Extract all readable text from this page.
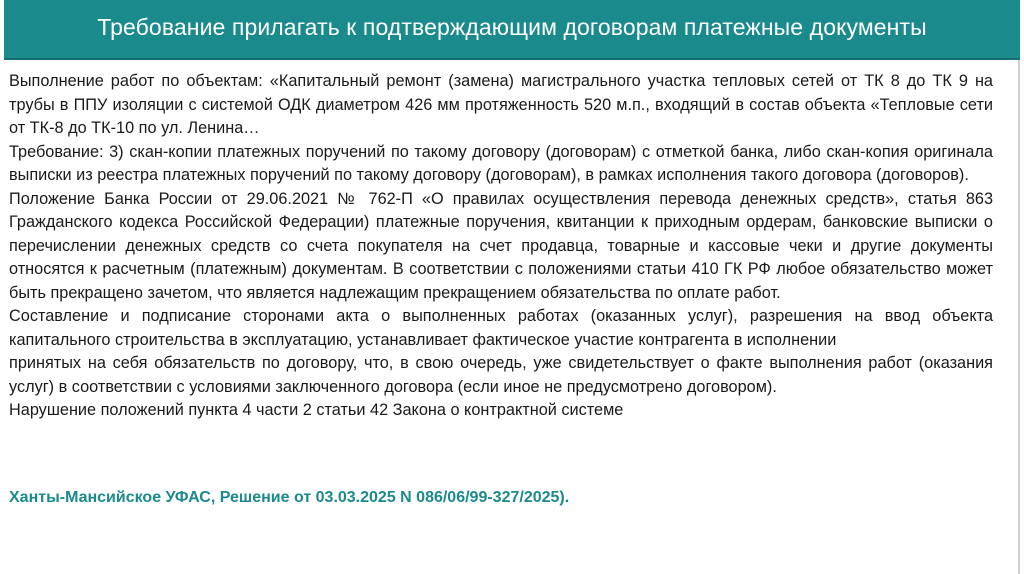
Требование прилагать к подтверждающим договорам платежные документы

Выполнение работ по объектам: «Капитальный ремонт (замена) магистрального участка тепловых сетей от ТК 8 до ТК 9 на трубы в ППУ изоляции с системой ОДК диаметром 426 мм протяженность 520 м.п., входящий в состав объекта «Тепловые сети от ТК-8 до ТК-10 по ул. Ленина…

Требование: 3) скан-копии платежных поручений по такому договору (договорам) с отметкой банка, либо скан-копия оригинала выписки из реестра платежных поручений по такому договору (договорам), в рамках исполнения такого договора (договоров).

Положение Банка России от 29.06.2021 № 762-П «О правилах осуществления перевода денежных средств», статья 863 Гражданского кодекса Российской Федерации) платежные поручения, квитанции к приходным ордерам, банковские выписки о перечислении денежных средств со счета покупателя на счет продавца, товарные и кассовые чеки и другие документы относятся к расчетным (платежным) документам. В соответствии с положениями статьи 410 ГК РФ любое обязательство может быть прекращено зачетом, что является надлежащим прекращением обязательства по оплате работ.

Составление и подписание сторонами акта о выполненных работах (оказанных услуг), разрешения на ввод объекта капитального строительства в эксплуатацию, устанавливает фактическое участие контрагента в исполнении

принятых на себя обязательств по договору, что, в свою очередь, уже свидетельствует о факте выполнения работ (оказания услуг) в соответствии с условиями заключенного договора (если иное не предусмотрено договором).

Нарушение положений пункта 4 части 2 статьи 42 Закона о контрактной системе

Ханты-Мансийское УФАС, Решение от 03.03.2025 N 086/06/99-327/2025).
